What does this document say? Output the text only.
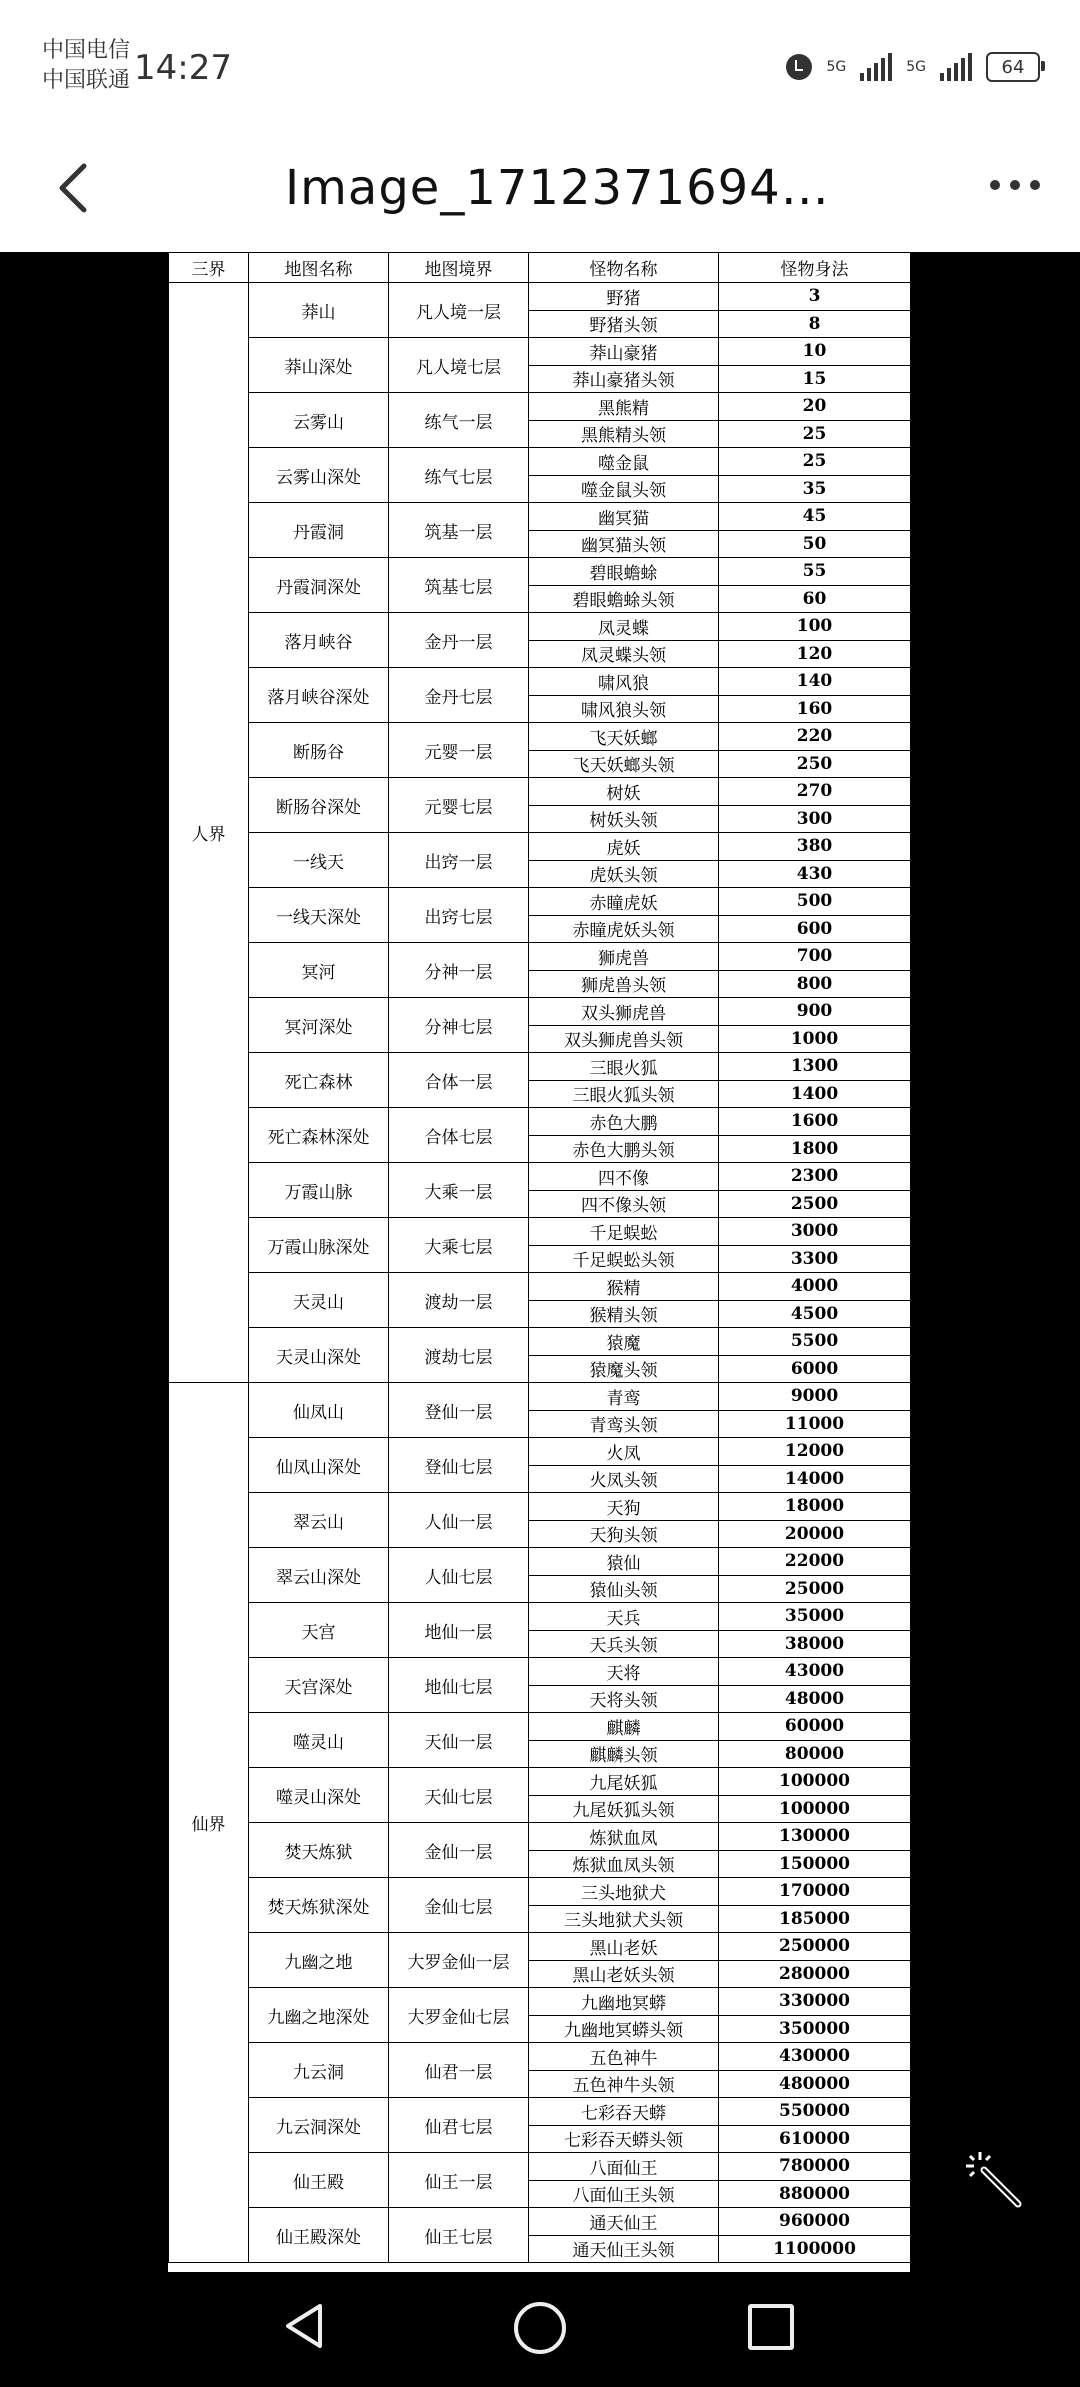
中国电信
中国联通 14:27	5G	5G	64
Image_1712371694…
三界	地图名称	地图境界	怪物名称	怪物身法
人界	莽山	凡人境一层	野猪	3
			野猪头领	8
	莽山深处	凡人境七层	莽山豪猪	10
			莽山豪猪头领	15
	云雾山	练气一层	黑熊精	20
			黑熊精头领	25
	云雾山深处	练气七层	噬金鼠	25
			噬金鼠头领	35
	丹霞洞	筑基一层	幽冥猫	45
			幽冥猫头领	50
	丹霞洞深处	筑基七层	碧眼蟾蜍	55
			碧眼蟾蜍头领	60
	落月峡谷	金丹一层	凤灵蝶	100
			凤灵蝶头领	120
	落月峡谷深处	金丹七层	啸风狼	140
			啸风狼头领	160
	断肠谷	元婴一层	飞天妖螂	220
			飞天妖螂头领	250
	断肠谷深处	元婴七层	树妖	270
			树妖头领	300
	一线天	出窍一层	虎妖	380
			虎妖头领	430
	一线天深处	出窍七层	赤瞳虎妖	500
			赤瞳虎妖头领	600
	冥河	分神一层	狮虎兽	700
			狮虎兽头领	800
	冥河深处	分神七层	双头狮虎兽	900
			双头狮虎兽头领	1000
	死亡森林	合体一层	三眼火狐	1300
			三眼火狐头领	1400
	死亡森林深处	合体七层	赤色大鹏	1600
			赤色大鹏头领	1800
	万霞山脉	大乘一层	四不像	2300
			四不像头领	2500
	万霞山脉深处	大乘七层	千足蜈蚣	3000
			千足蜈蚣头领	3300
	天灵山	渡劫一层	猴精	4000
			猴精头领	4500
	天灵山深处	渡劫七层	猿魔	5500
			猿魔头领	6000
仙界	仙凤山	登仙一层	青鸾	9000
			青鸾头领	11000
	仙凤山深处	登仙七层	火凤	12000
			火凤头领	14000
	翠云山	人仙一层	天狗	18000
			天狗头领	20000
	翠云山深处	人仙七层	猿仙	22000
			猿仙头领	25000
	天宫	地仙一层	天兵	35000
			天兵头领	38000
	天宫深处	地仙七层	天将	43000
			天将头领	48000
	噬灵山	天仙一层	麒麟	60000
			麒麟头领	80000
	噬灵山深处	天仙七层	九尾妖狐	100000
			九尾妖狐头领	100000
	焚天炼狱	金仙一层	炼狱血凤	130000
			炼狱血凤头领	150000
	焚天炼狱深处	金仙七层	三头地狱犬	170000
			三头地狱犬头领	185000
	九幽之地	大罗金仙一层	黑山老妖	250000
			黑山老妖头领	280000
	九幽之地深处	大罗金仙七层	九幽地冥蟒	330000
			九幽地冥蟒头领	350000
	九云洞	仙君一层	五色神牛	430000
			五色神牛头领	480000
	九云洞深处	仙君七层	七彩吞天蟒	550000
			七彩吞天蟒头领	610000
	仙王殿	仙王一层	八面仙王	780000
			八面仙王头领	880000
	仙王殿深处	仙王七层	通天仙王	960000
			通天仙王头领	1100000
